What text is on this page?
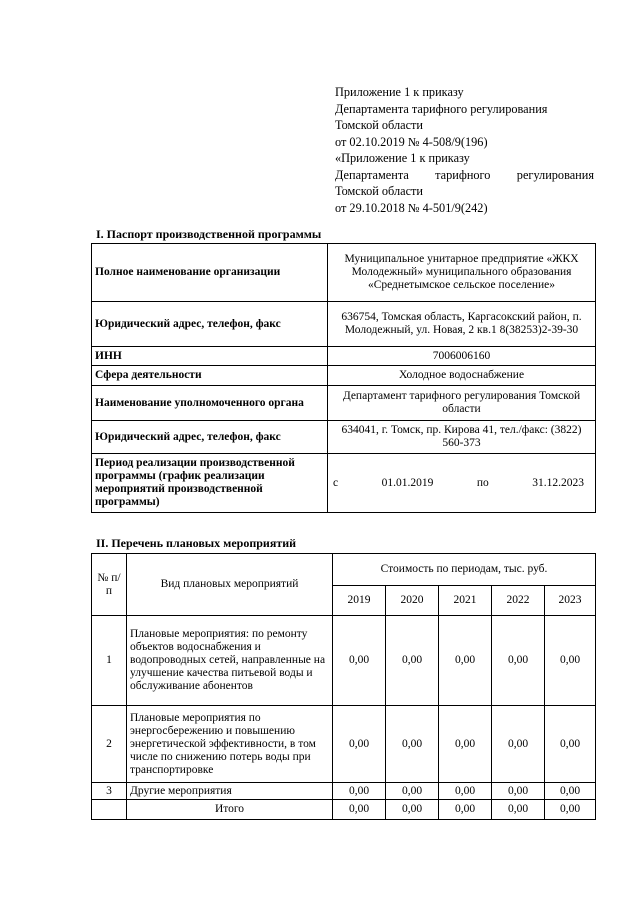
Приложение 1 к приказу
Департамента тарифного регулирования
Томской области
от 02.10.2019 № 4-508/9(196)
«Приложение 1 к приказу
Департамента тарифного регулирования
Томской области
от 29.10.2018 № 4-501/9(242)
I. Паспорт производственной программы
Полное наименование организации	Муниципальное унитарное предприятие «ЖКХ Молодежный» муниципального образования «Среднетымское сельское поселение»
Юридический адрес, телефон, факс	636754, Томская область, Каргасокский район, п. Молодежный, ул. Новая, 2 кв.1 8(38253)2-39-30
ИНН	7006006160
Сфера деятельности	Холодное водоснабжение
Наименование уполномоченного органа	Департамент тарифного регулирования Томской области
Юридический адрес, телефон, факс	634041, г. Томск, пр. Кирова 41, тел./факс: (3822) 560-373
Период реализации производственной программы (график реализации мероприятий производственной программы)	с 01.01.2019 по 31.12.2023
II. Перечень плановых мероприятий
№ п/п	Вид плановых мероприятий	Стоимость по периодам, тыс. руб.				
		2019	2020	2021	2022	2023
1	Плановые мероприятия: по ремонту объектов водоснабжения и водопроводных сетей, направленные на улучшение качества питьевой воды и обслуживание абонентов	0,00	0,00	0,00	0,00	0,00
2	Плановые мероприятия по энергосбережению и повышению энергетической эффективности, в том числе по снижению потерь воды при транспортировке	0,00	0,00	0,00	0,00	0,00
3	Другие мероприятия	0,00	0,00	0,00	0,00	0,00
	Итого	0,00	0,00	0,00	0,00	0,00
